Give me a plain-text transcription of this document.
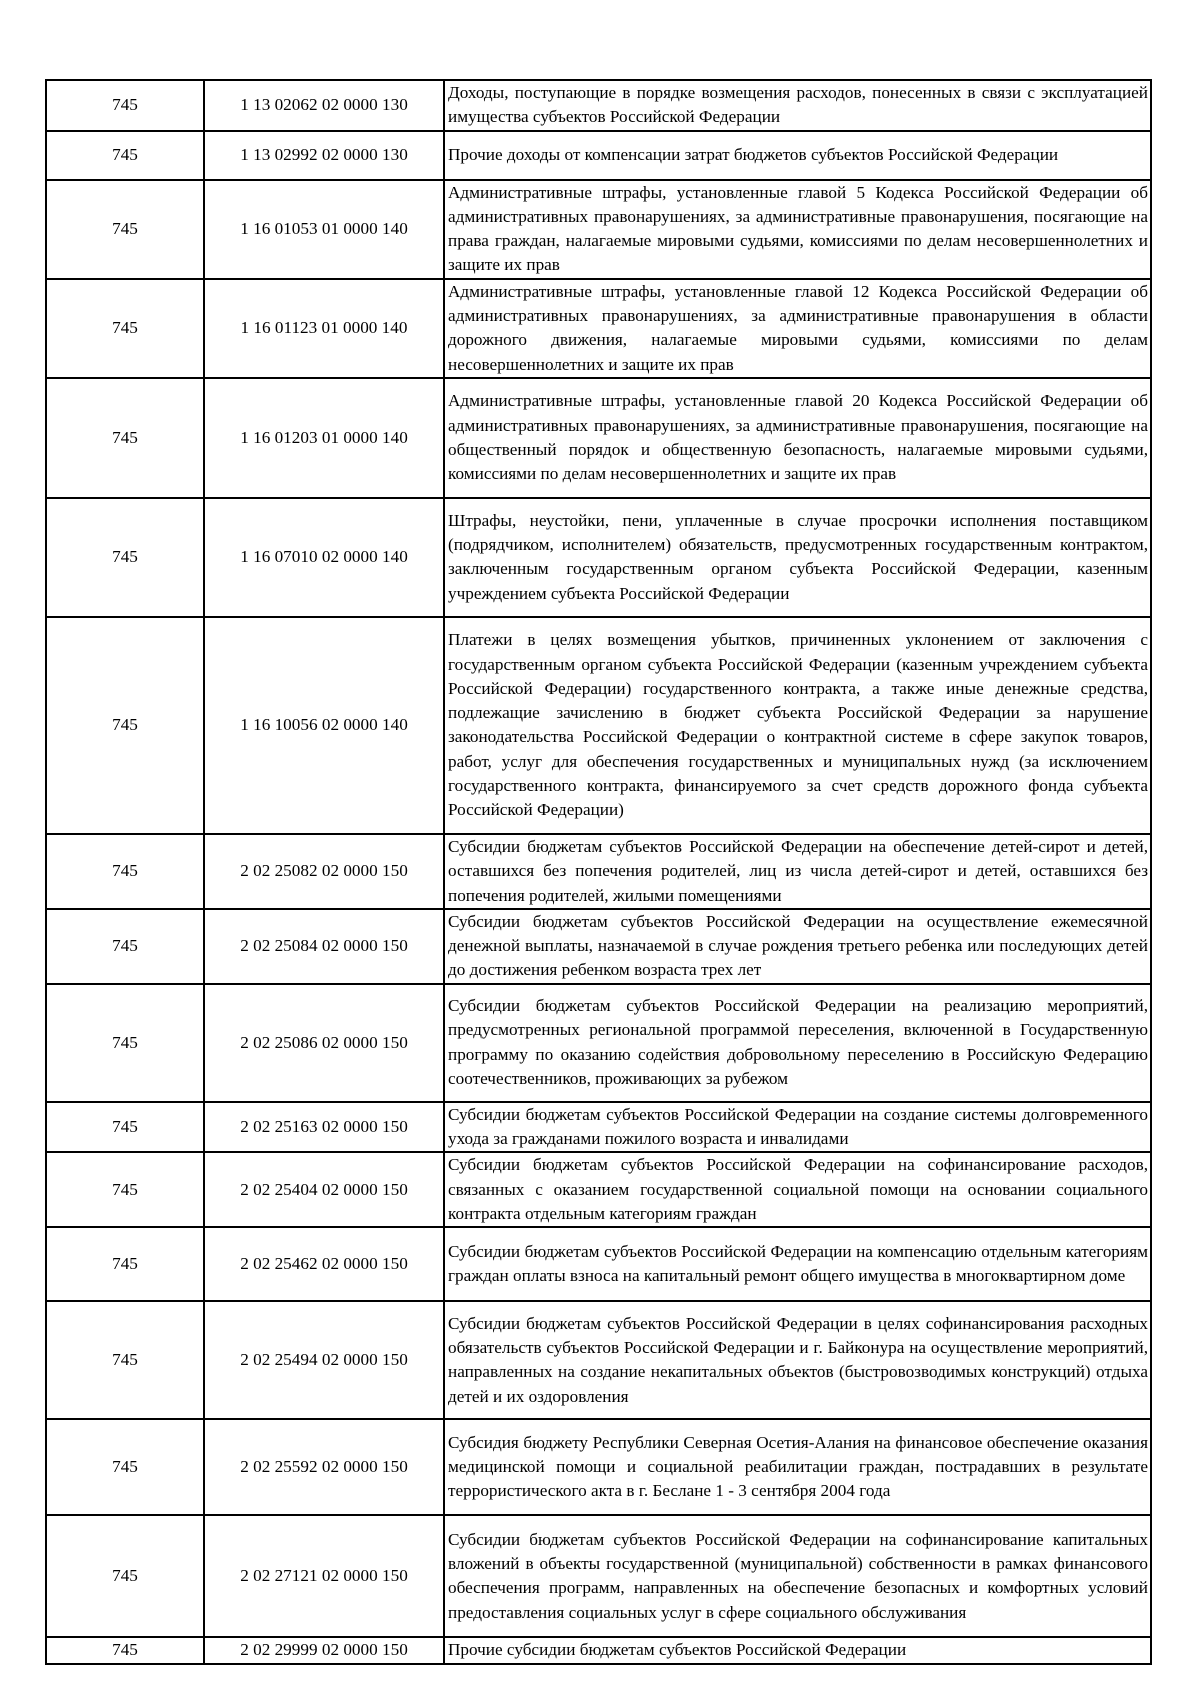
745	1 13 02062 02 0000 130	Доходы, поступающие в порядке возмещения расходов, понесенных в связи с эксплуатацией имущества субъектов Российской Федерации
745	1 13 02992 02 0000 130	Прочие доходы от компенсации затрат бюджетов субъектов Российской Федерации
745	1 16 01053 01 0000 140	Административные штрафы, установленные главой 5 Кодекса Российской Федерации об административных правонарушениях, за административные правонарушения, посягающие на права граждан, налагаемые мировыми судьями, комиссиями по делам несовершеннолетних и защите их прав
745	1 16 01123 01 0000 140	Административные штрафы, установленные главой 12 Кодекса Российской Федерации об административных правонарушениях, за административные правонарушения в области дорожного движения, налагаемые мировыми судьями, комиссиями по делам несовершеннолетних и защите их прав
745	1 16 01203 01 0000 140	Административные штрафы, установленные главой 20 Кодекса Российской Федерации об административных правонарушениях, за административные правонарушения, посягающие на общественный порядок и общественную безопасность, налагаемые мировыми судьями, комиссиями по делам несовершеннолетних и защите их прав
745	1 16 07010 02 0000 140	Штрафы, неустойки, пени, уплаченные в случае просрочки исполнения поставщиком (подрядчиком, исполнителем) обязательств, предусмотренных государственным контрактом, заключенным государственным органом субъекта Российской Федерации, казенным учреждением субъекта Российской Федерации
745	1 16 10056 02 0000 140	Платежи в целях возмещения убытков, причиненных уклонением от заключения с государственным органом субъекта Российской Федерации (казенным учреждением субъекта Российской Федерации) государственного контракта, а также иные денежные средства, подлежащие зачислению в бюджет субъекта Российской Федерации за нарушение законодательства Российской Федерации о контрактной системе в сфере закупок товаров, работ, услуг для обеспечения государственных и муниципальных нужд (за исключением государственного контракта, финансируемого за счет средств дорожного фонда субъекта Российской Федерации)
745	2 02 25082 02 0000 150	Субсидии бюджетам субъектов Российской Федерации на обеспечение детей-сирот и детей, оставшихся без попечения родителей, лиц из числа детей-сирот и детей, оставшихся без попечения родителей, жилыми помещениями
745	2 02 25084 02 0000 150	Субсидии бюджетам субъектов Российской Федерации на осуществление ежемесячной денежной выплаты, назначаемой в случае рождения третьего ребенка или последующих детей до достижения ребенком возраста трех лет
745	2 02 25086 02 0000 150	Субсидии бюджетам субъектов Российской Федерации на реализацию мероприятий, предусмотренных региональной программой переселения, включенной в Государственную программу по оказанию содействия добровольному переселению в Российскую Федерацию соотечественников, проживающих за рубежом
745	2 02 25163 02 0000 150	Субсидии бюджетам субъектов Российской Федерации на создание системы долговременного ухода за гражданами пожилого возраста и инвалидами
745	2 02 25404 02 0000 150	Субсидии бюджетам субъектов Российской Федерации на софинансирование расходов, связанных с оказанием государственной социальной помощи на основании социального контракта отдельным категориям граждан
745	2 02 25462 02 0000 150	Субсидии бюджетам субъектов Российской Федерации на компенсацию отдельным категориям граждан оплаты взноса на капитальный ремонт общего имущества в многоквартирном доме
745	2 02 25494 02 0000 150	Субсидии бюджетам субъектов Российской Федерации в целях софинансирования расходных обязательств субъектов Российской Федерации и г. Байконура на осуществление мероприятий, направленных на создание некапитальных объектов (быстровозводимых конструкций) отдыха детей и их оздоровления
745	2 02 25592 02 0000 150	Субсидия бюджету Республики Северная Осетия-Алания на финансовое обеспечение оказания медицинской помощи и социальной реабилитации граждан, пострадавших в результате террористического акта в г. Беслане 1 - 3 сентября 2004 года
745	2 02 27121 02 0000 150	Субсидии бюджетам субъектов Российской Федерации на софинансирование капитальных вложений в объекты государственной (муниципальной) собственности в рамках финансового обеспечения программ, направленных на обеспечение безопасных и комфортных условий предоставления социальных услуг в сфере социального обслуживания
745	2 02 29999 02 0000 150	Прочие субсидии бюджетам субъектов Российской Федерации
